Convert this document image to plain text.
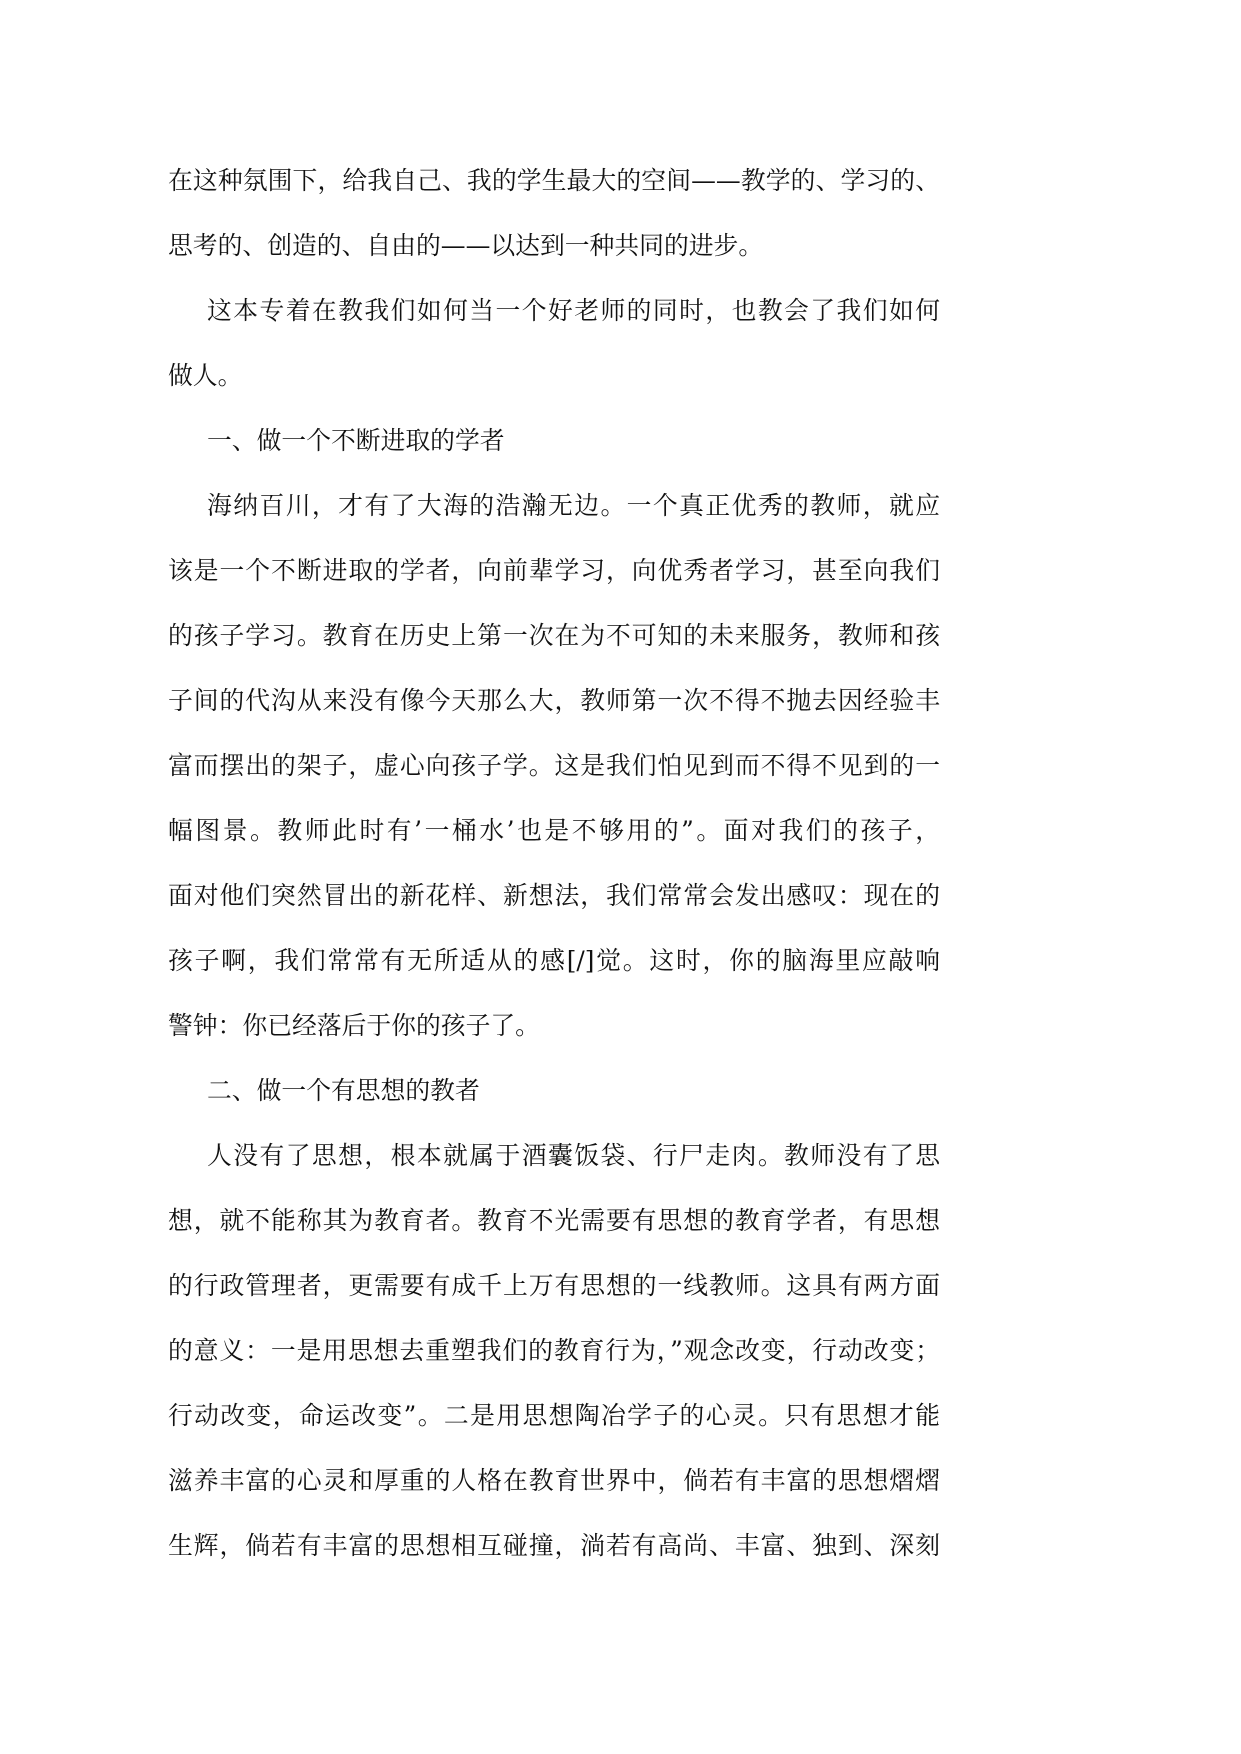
在这种氛围下，给我自己、我的学生最大的空间——教学的、学习的、
思考的、创造的、自由的——以达到一种共同的进步。
这本专着在教我们如何当一个好老师的同时，也教会了我们如何
做人。
一、做一个不断进取的学者
海纳百川，才有了大海的浩瀚无边。一个真正优秀的教师，就应
该是一个不断进取的学者，向前辈学习，向优秀者学习，甚至向我们
的孩子学习。教育在历史上第一次在为不可知的未来服务，教师和孩
子间的代沟从来没有像今天那么大，教师第一次不得不抛去因经验丰
富而摆出的架子，虚心向孩子学。这是我们怕见到而不得不见到的一
幅图景。教师此时有’一桶水’也是不够用的”。面对我们的孩子，
面对他们突然冒出的新花样、新想法，我们常常会发出感叹：现在的
孩子啊，我们常常有无所适从的感[/]觉。这时，你的脑海里应敲响
警钟：你已经落后于你的孩子了。
二、做一个有思想的教者
人没有了思想，根本就属于酒囊饭袋、行尸走肉。教师没有了思
想，就不能称其为教育者。教育不光需要有思想的教育学者，有思想
的行政管理者，更需要有成千上万有思想的一线教师。这具有两方面
的意义：一是用思想去重塑我们的教育行为，”观念改变，行动改变；
行动改变，命运改变”。二是用思想陶冶学子的心灵。只有思想才能
滋养丰富的心灵和厚重的人格在教育世界中，倘若有丰富的思想熠熠
生辉，倘若有丰富的思想相互碰撞，淌若有高尚、丰富、独到、深刻
